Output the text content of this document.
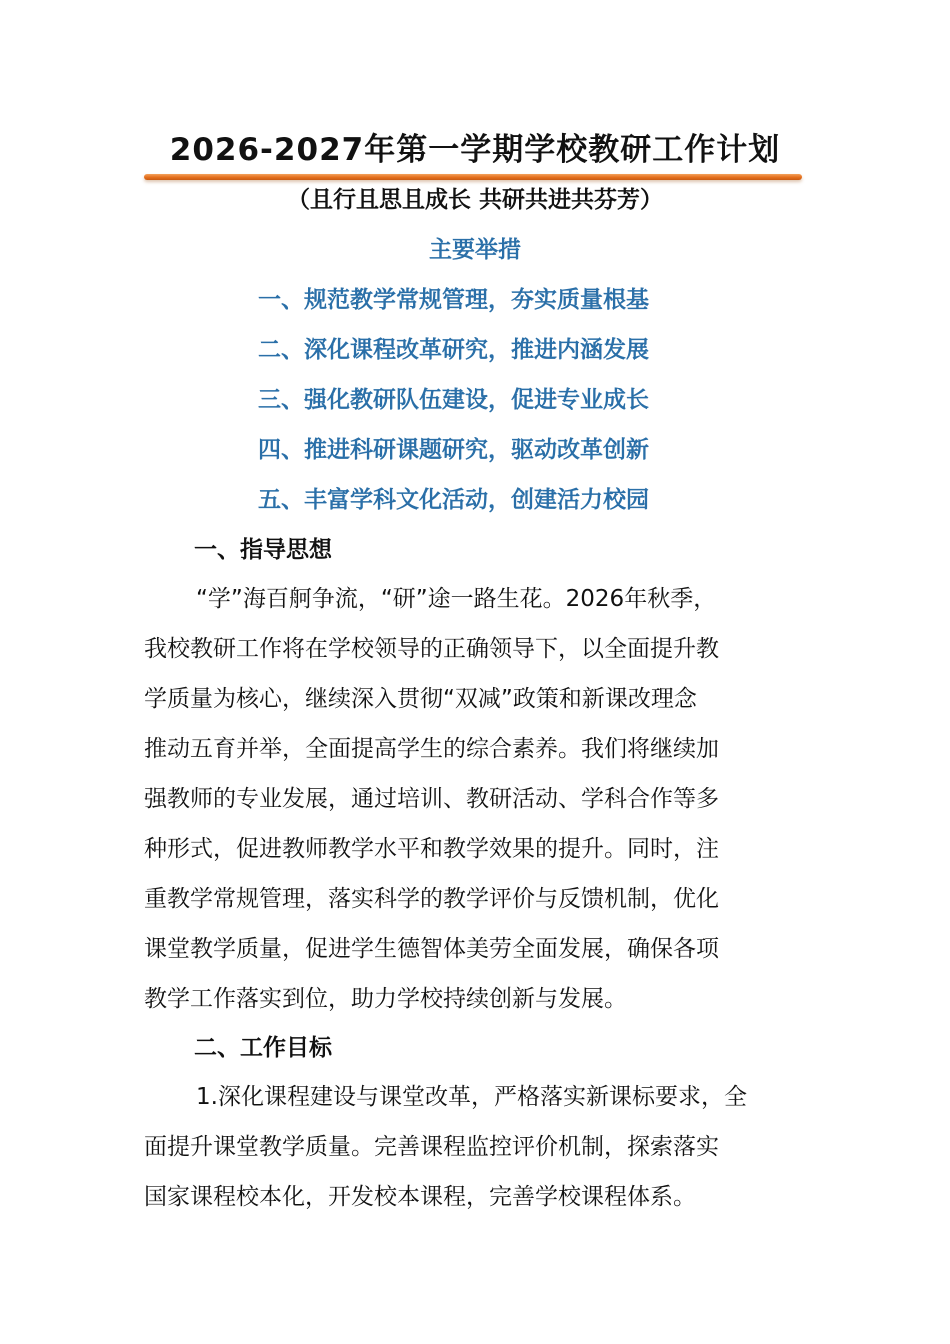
2026-2027年第一学期学校教研工作计划
（且行且思且成长 共研共进共芬芳）
主要举措
一、规范教学常规管理，夯实质量根基
二、深化课程改革研究，推进内涵发展
三、强化教研队伍建设，促进专业成长
四、推进科研课题研究，驱动改革创新
五、丰富学科文化活动，创建活力校园
一、指导思想
“学”海百舸争流，“研”途一路生花。2026年秋季，
我校教研工作将在学校领导的正确领导下，以全面提升教
学质量为核心，继续深入贯彻“双减”政策和新课改理念
推动五育并举，全面提高学生的综合素养。我们将继续加
强教师的专业发展，通过培训、教研活动、学科合作等多
种形式，促进教师教学水平和教学效果的提升。同时，注
重教学常规管理，落实科学的教学评价与反馈机制，优化
课堂教学质量，促进学生德智体美劳全面发展，确保各项
教学工作落实到位，助力学校持续创新与发展。
二、工作目标
1.深化课程建设与课堂改革，严格落实新课标要求，全
面提升课堂教学质量。完善课程监控评价机制，探索落实
国家课程校本化，开发校本课程，完善学校课程体系。
